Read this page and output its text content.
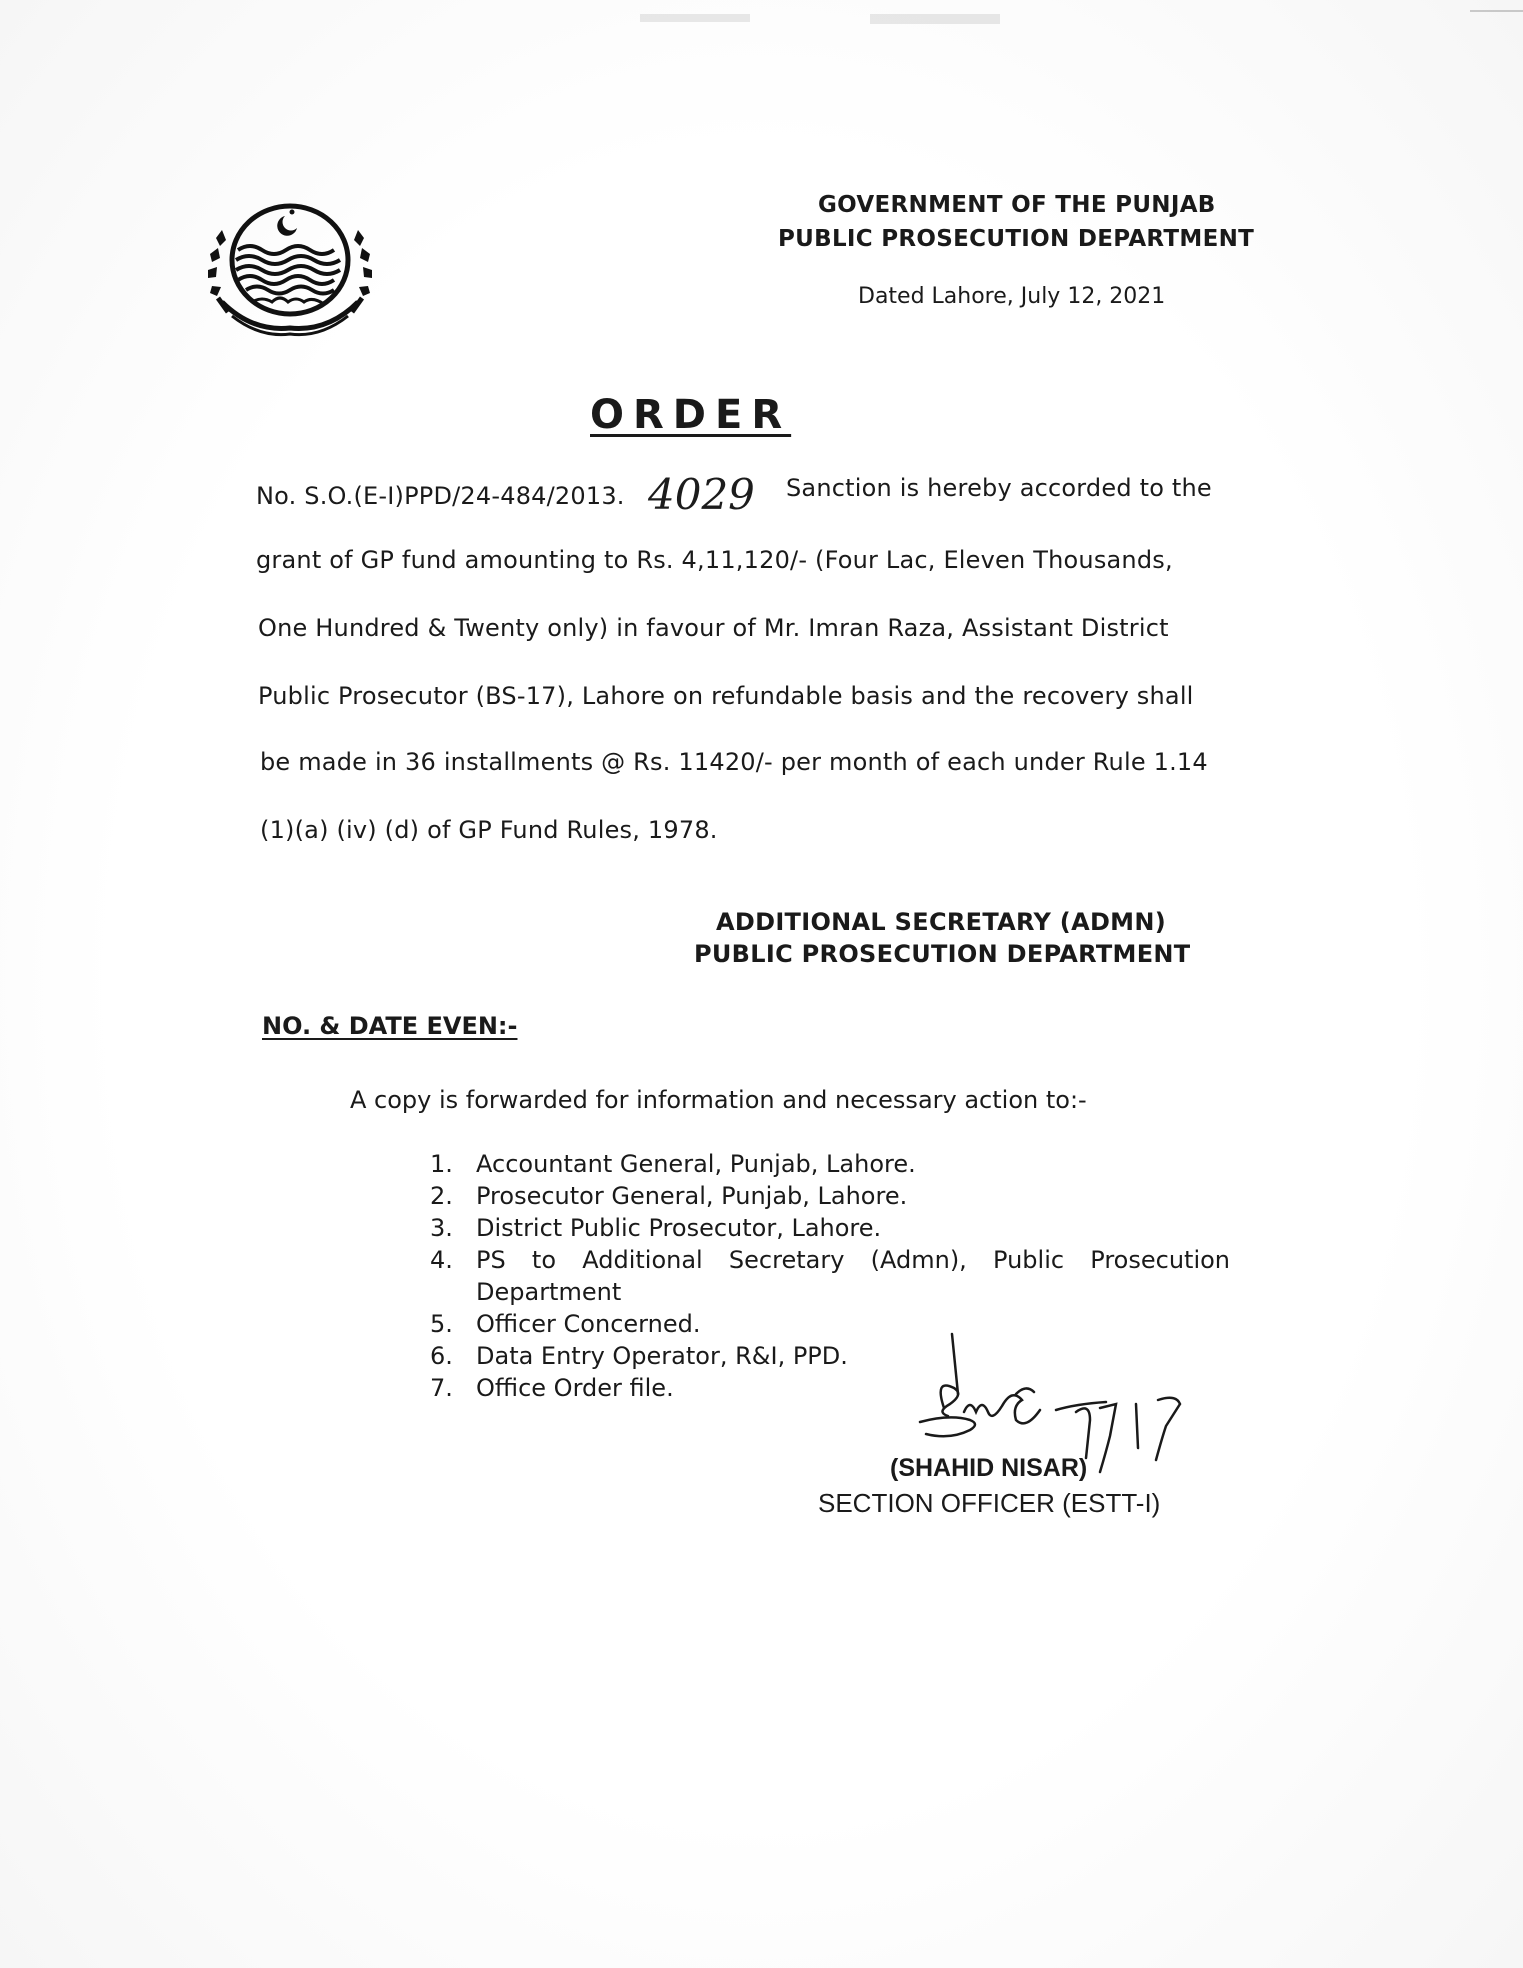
GOVERNMENT OF THE PUNJAB
PUBLIC PROSECUTION DEPARTMENT
Dated Lahore, July 12, 2021
ORDER
No. S.O.(E-I)PPD/24-484/2013. 4029 Sanction is hereby accorded to the
grant of GP fund amounting to Rs. 4,11,120/- (Four Lac, Eleven Thousands,
One Hundred & Twenty only) in favour of Mr. Imran Raza, Assistant District
Public Prosecutor (BS-17), Lahore on refundable basis and the recovery shall
be made in 36 installments @ Rs. 11420/- per month of each under Rule 1.14
(1)(a) (iv) (d) of GP Fund Rules, 1978.
ADDITIONAL SECRETARY (ADMN)
PUBLIC PROSECUTION DEPARTMENT
NO. & DATE EVEN:-
A copy is forwarded for information and necessary action to:-
1. Accountant General, Punjab, Lahore.
2. Prosecutor General, Punjab, Lahore.
3. District Public Prosecutor, Lahore.
4. PS to Additional Secretary (Admn), Public Prosecution
Department
5. Officer Concerned.
6. Data Entry Operator, R&I, PPD.
7. Office Order file.
(SHAHID NISAR)
SECTION OFFICER (ESTT-I)
